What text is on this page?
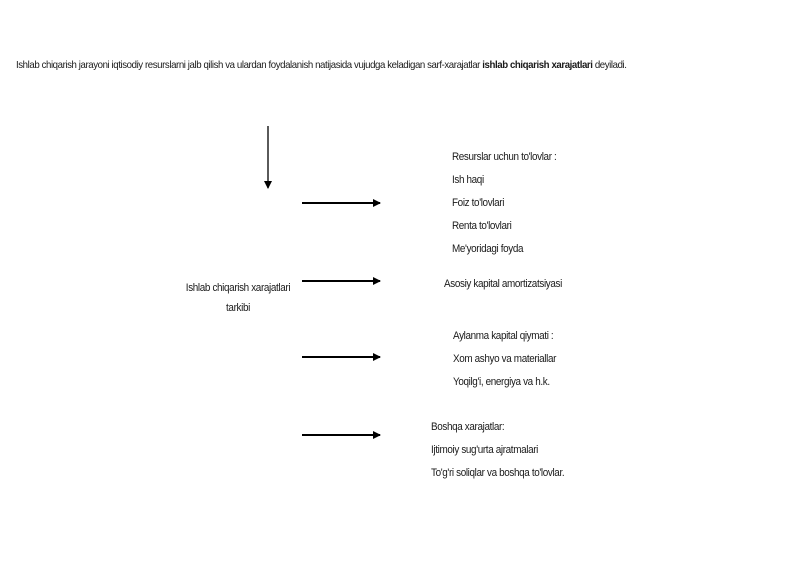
Ishlab chiqarish jarayoni iqtisodiy resurslarni jalb qilish va ulardan foydalanish natijasida vujudga keladigan sarf-xarajatlar ishlab chiqarish xarajatlari deyiladi.
Ishlab chiqarish xarajatlari
tarkibi
Resurslar uchun to'lovlar :
Ish haqi
Foiz to'lovlari
Renta to'lovlari
Me'yoridagi foyda
Asosiy kapital amortizatsiyasi
Aylanma kapital qiymati :
Xom ashyo va materiallar
Yoqilg'i, energiya va h.k.
Boshqa xarajatlar:
Ijtimoiy sug'urta ajratmalari
To'g'ri soliqlar va boshqa to'lovlar.
